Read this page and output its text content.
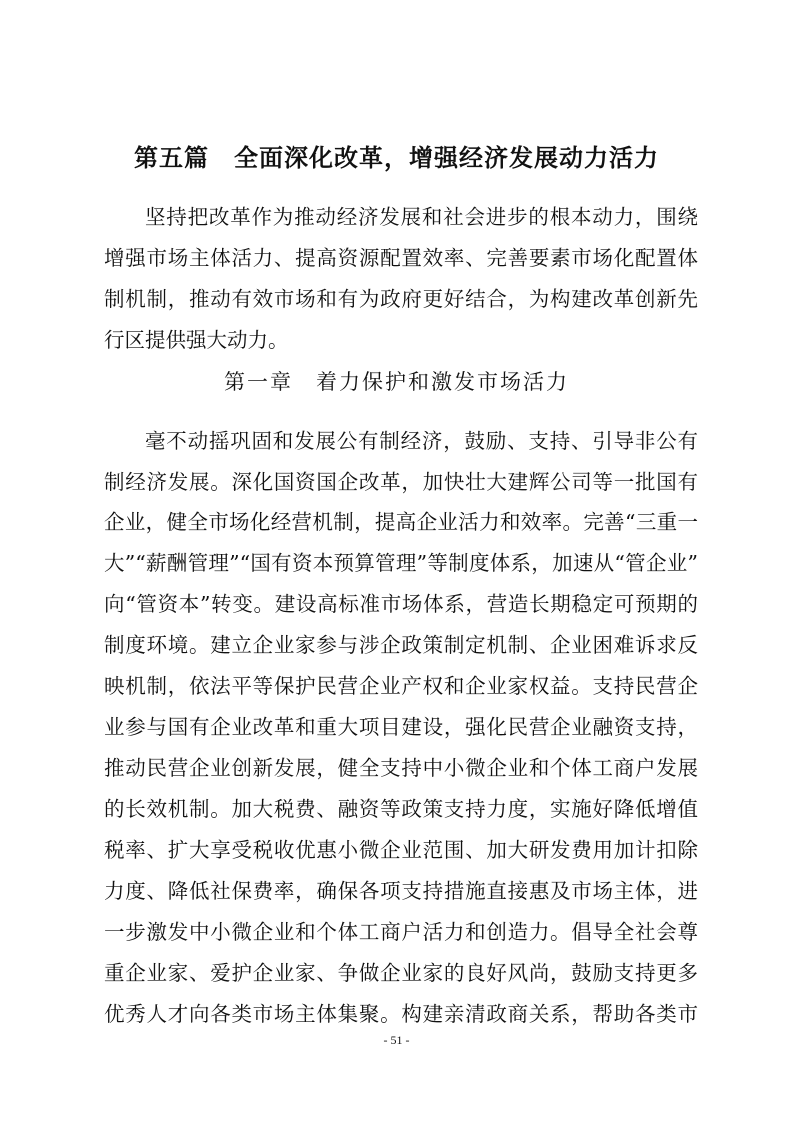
第五篇　全面深化改革，增强经济发展动力活力
坚持把改革作为推动经济发展和社会进步的根本动力，围绕
增强市场主体活力、提高资源配置效率、完善要素市场化配置体
制机制，推动有效市场和有为政府更好结合，为构建改革创新先
行区提供强大动力。
第一章　着力保护和激发市场活力
毫不动摇巩固和发展公有制经济，鼓励、支持、引导非公有
制经济发展。深化国资国企改革，加快壮大建辉公司等一批国有
企业，健全市场化经营机制，提高企业活力和效率。完善“三重一
大”“薪酬管理”“国有资本预算管理”等制度体系，加速从“管企业”
向“管资本”转变。建设高标准市场体系，营造长期稳定可预期的
制度环境。建立企业家参与涉企政策制定机制、企业困难诉求反
映机制，依法平等保护民营企业产权和企业家权益。支持民营企
业参与国有企业改革和重大项目建设，强化民营企业融资支持，
推动民营企业创新发展，健全支持中小微企业和个体工商户发展
的长效机制。加大税费、融资等政策支持力度，实施好降低增值
税率、扩大享受税收优惠小微企业范围、加大研发费用加计扣除
力度、降低社保费率，确保各项支持措施直接惠及市场主体，进
一步激发中小微企业和个体工商户活力和创造力。倡导全社会尊
重企业家、爱护企业家、争做企业家的良好风尚，鼓励支持更多
优秀人才向各类市场主体集聚。构建亲清政商关系，帮助各类市
- 51 -
